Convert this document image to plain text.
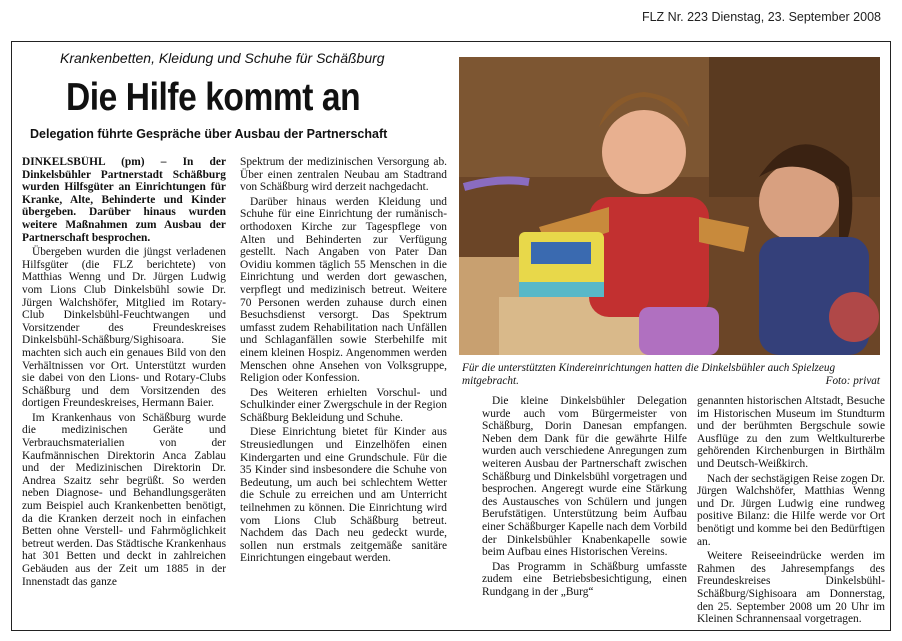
FLZ Nr. 223 Dienstag, 23. September 2008
Krankenbetten, Kleidung und Schuhe für Schäßburg
Die Hilfe kommt an
Delegation führte Gespräche über Ausbau der Partnerschaft

DINKELSBÜHL (pm) – In der Dinkelsbühler Partnerstadt Schäßburg wurden Hilfsgüter an Einrichtungen für Kranke, Alte, Behinderte und Kinder übergeben. Darüber hinaus wurden weitere Maßnahmen zum Ausbau der Partnerschaft besprochen.

Übergeben wurden die jüngst verladenen Hilfsgüter (die FLZ berichtete) von Matthias Wenng und Dr. Jürgen Ludwig vom Lions Club Dinkelsbühl sowie Dr. Jürgen Walchshöfer, Mitglied im Rotary-Club Dinkelsbühl-Feuchtwangen und Vorsitzender des Freundeskreises Dinkelsbühl-Schäßburg/Sighisoara. Sie machten sich auch ein genaues Bild von den Verhältnissen vor Ort. Unterstützt wurden sie dabei von den Lions- und Rotary-Clubs Schäßburg und dem Vorsitzenden des dortigen Freundeskreises, Hermann Baier.

Im Krankenhaus von Schäßburg wurde die medizinischen Geräte und Verbrauchsmaterialien von der Kaufmännischen Direktorin Anca Zablau und der Medizinischen Direktorin Dr. Andrea Szaitz sehr begrüßt. So werden neben Diagnose- und Behandlungsgeräten zum Beispiel auch Krankenbetten benötigt, da die Kranken derzeit noch in einfachen Betten ohne Verstell- und Fahrmöglichkeit betreut werden. Das Städtische Krankenhaus hat 301 Betten und deckt in zahlreichen Gebäuden aus der Zeit um 1885 in der Innenstadt das ganze

Spektrum der medizinischen Versorgung ab. Über einen zentralen Neubau am Stadtrand von Schäßburg wird derzeit nachgedacht.

Darüber hinaus werden Kleidung und Schuhe für eine Einrichtung der rumänisch-orthodoxen Kirche zur Tagespflege von Alten und Behinderten zur Verfügung gestellt. Nach Angaben von Pater Dan Ovidiu kommen täglich 55 Menschen in die Einrichtung und werden dort gewaschen, verpflegt und medizinisch betreut. Weitere 70 Personen werden zuhause durch einen Besuchsdienst versorgt. Das Spektrum umfasst zudem Rehabilitation nach Unfällen und Schlaganfällen sowie Sterbehilfe mit einem kleinen Hospiz. Angenommen werden Menschen ohne Ansehen von Volksgruppe, Religion oder Konfession.

Des Weiteren erhielten Vorschul- und Schulkinder einer Zwergschule in der Region Schäßburg Bekleidung und Schuhe.

Diese Einrichtung bietet für Kinder aus Streusiedlungen und Einzelhöfen einen Kindergarten und eine Grundschule. Für die 35 Kinder sind insbesondere die Schuhe von Bedeutung, um auch bei schlechtem Wetter die Schule zu erreichen und am Unterricht teilnehmen zu können. Die Einrichtung wird vom Lions Club Schäßburg betreut. Nachdem das Dach neu gedeckt wurde, sollen nun erstmals zeitgemäße sanitäre Einrichtungen eingebaut werden.

Für die unterstützten Kindereinrichtungen hatten die Dinkelsbühler auch Spielzeug mitgebracht.	Foto: privat

Die kleine Dinkelsbühler Delegation wurde auch vom Bürgermeister von Schäßburg, Dorin Danesan empfangen. Neben dem Dank für die gewährte Hilfe wurden auch verschiedene Anregungen zum weiteren Ausbau der Partnerschaft zwischen Schäßburg und Dinkelsbühl vorgetragen und besprochen. Angeregt wurde eine Stärkung des Austausches von Schülern und jungen Berufstätigen. Unterstützung beim Aufbau einer Schäßburger Kapelle nach dem Vorbild der Dinkelsbühler Knabenkapelle sowie beim Aufbau eines Historischen Vereins.

Das Programm in Schäßburg umfasste zudem eine Betriebsbesichtigung, einen Rundgang in der „Burg“

genannten historischen Altstadt, Besuche im Historischen Museum im Stundturm und der berühmten Bergschule sowie Ausflüge zu den zum Weltkulturerbe gehörenden Kirchenburgen in Birthälm und Deutsch-Weißkirch.

Nach der sechstägigen Reise zogen Dr. Jürgen Walchshöfer, Matthias Wenng und Dr. Jürgen Ludwig eine rundweg positive Bilanz: die Hilfe werde vor Ort benötigt und komme bei den Bedürftigen an.

Weitere Reiseeindrücke werden im Rahmen des Jahresempfangs des Freundeskreises Dinkelsbühl-Schäßburg/Sighisoara am Donnerstag, den 25. September 2008 um 20 Uhr im Kleinen Schrannensaal vorgetragen.
